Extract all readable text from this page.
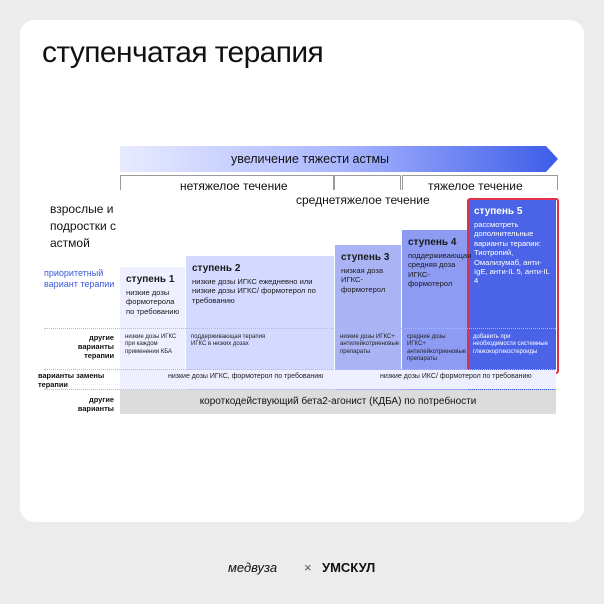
ступенчатая терапия
увеличение тяжести астмы
нетяжелое течение
среднетяжелое течение
тяжелое течение
взрослые и подростки с астмой
ступень 1
низкие дозы формотерола по требованию
ступень 2
низкие дозы ИГКС ежедневно или низкие дозы ИГКС/ формотерол по требованию
ступень 3
низкая доза ИГКС-формотерол
ступень 4
поддерживающая средняя доза ИГКС-формотерол
ступень 5
рассмотреть дополнительные варианты терапии: Тиотропий, Омализумаб, анти-IgE, анти-IL 5, анти-IL 4
приоритетный вариант терапии
другие варианты терапии
варианты замены терапии
другие варианты
низкие дозы ИГКС при каждом применении КБА
поддерживающая терапия ИГКС в низких дозах
низкие дозы ИГКС+ антилейкотриеновые препараты
средние дозы ИГКС+ антилейкотриеновые препараты
добавить при необходимости системные глюкокортикостероиды
низкие дозы ИГКС, формотерол по требованию	низкие дозы ИКС/ формотерол по требованию
короткодействующий бета2-агонист (КДБА) по потребности
медвуза × УМСКУЛ
